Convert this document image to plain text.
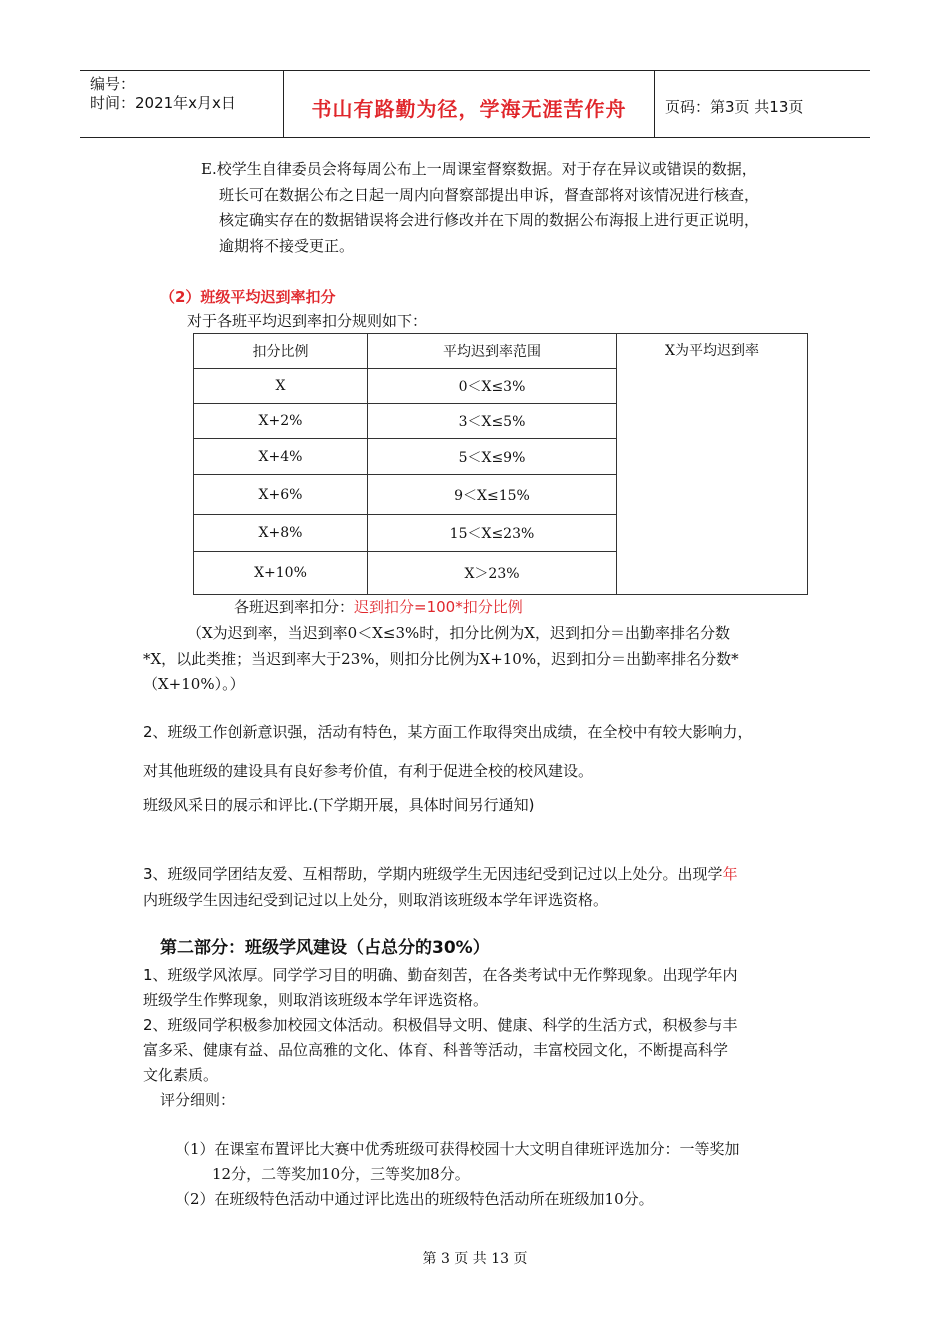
编号：
时间：2021年x月x日	书山有路勤为径，学海无涯苦作舟	页码：第3页 共13页
E.校学生自律委员会将每周公布上一周课室督察数据。对于存在异议或错误的数据，
班长可在数据公布之日起一周内向督察部提出申诉，督查部将对该情况进行核查，
核定确实存在的数据错误将会进行修改并在下周的数据公布海报上进行更正说明，
逾期将不接受更正。
（2）班级平均迟到率扣分
对于各班平均迟到率扣分规则如下：
扣分比例	平均迟到率范围	X为平均迟到率
X	0＜X≤3%	
X+2%	3＜X≤5%	
X+4%	5＜X≤9%	
X+6%	9＜X≤15%	
X+8%	15＜X≤23%	
X+10%	X＞23%	
各班迟到率扣分：迟到扣分=100*扣分比例
（X为迟到率，当迟到率0＜X≤3%时，扣分比例为X，迟到扣分＝出勤率排名分数
*X，以此类推；当迟到率大于23%，则扣分比例为X+10%，迟到扣分＝出勤率排名分数*
（X+10%）。）
2、班级工作创新意识强，活动有特色，某方面工作取得突出成绩，在全校中有较大影响力，
对其他班级的建设具有良好参考价值，有利于促进全校的校风建设。
班级风采日的展示和评比.(下学期开展，具体时间另行通知)
3、班级同学团结友爱、互相帮助，学期内班级学生无因违纪受到记过以上处分。出现学年
内班级学生因违纪受到记过以上处分，则取消该班级本学年评选资格。
第二部分：班级学风建设（占总分的30%）
1、班级学风浓厚。同学学习目的明确、勤奋刻苦，在各类考试中无作弊现象。出现学年内
班级学生作弊现象，则取消该班级本学年评选资格。
2、班级同学积极参加校园文体活动。积极倡导文明、健康、科学的生活方式，积极参与丰
富多采、健康有益、品位高雅的文化、体育、科普等活动，丰富校园文化，不断提高科学
文化素质。
评分细则：
（1）在课室布置评比大赛中优秀班级可获得校园十大文明自律班评选加分：一等奖加
12分，二等奖加10分，三等奖加8分。
（2）在班级特色活动中通过评比选出的班级特色活动所在班级加10分。
第 3 页 共 13 页
